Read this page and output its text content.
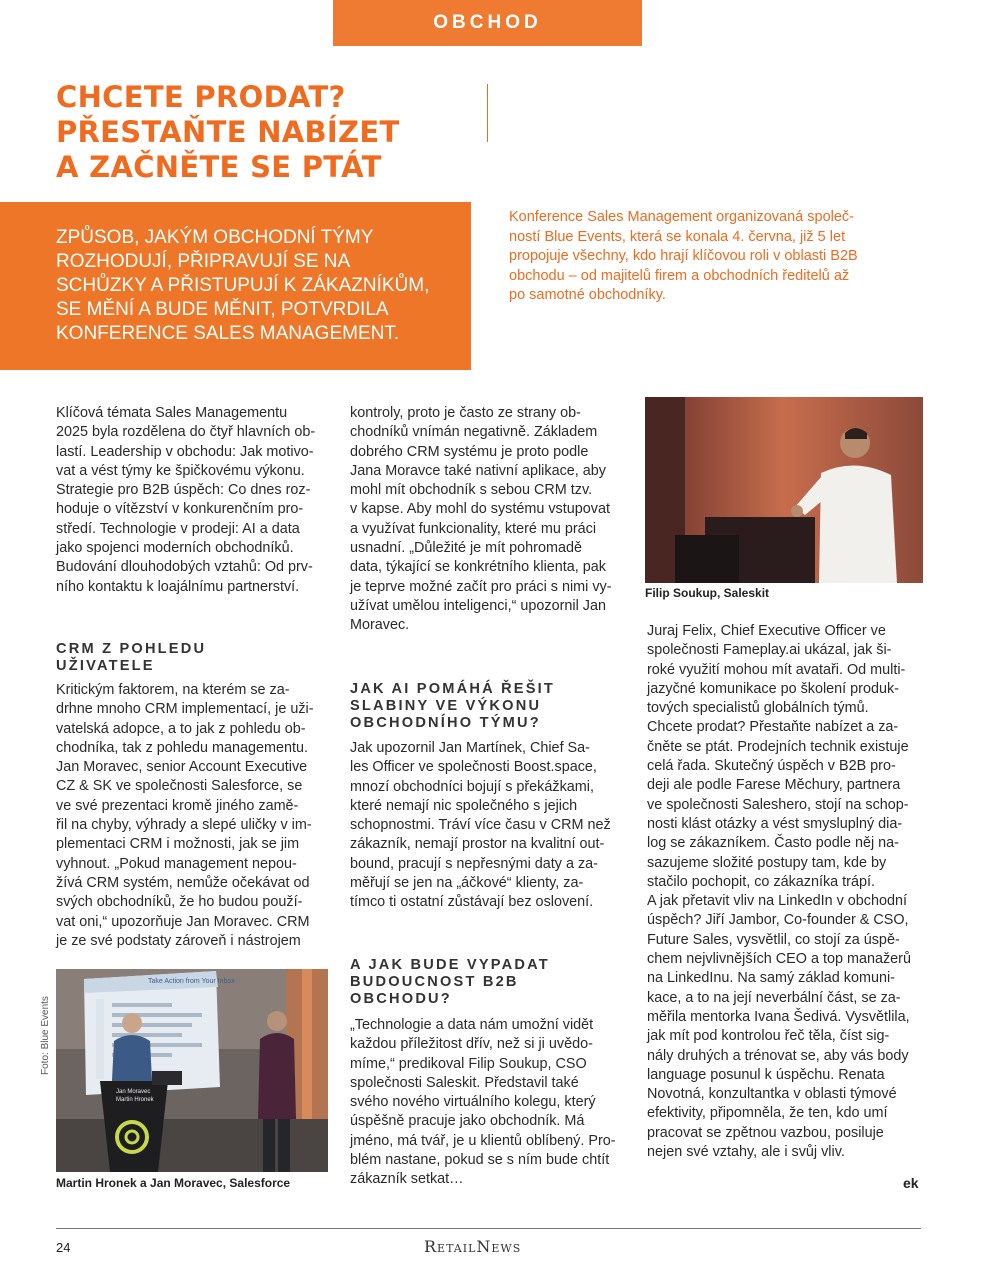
OBCHOD
CHCETE PRODAT?
PŘESTAŇTE NABÍZET
A ZAČNĚTE SE PTÁT
ZPŮSOB, JAKÝM OBCHODNÍ TÝMY
ROZHODUJÍ, PŘIPRAVUJÍ SE NA
SCHŮZKY A PŘISTUPUJÍ K ZÁKAZNÍKŮM,
SE MĚNÍ A BUDE MĚNIT, POTVRDILA
KONFERENCE SALES MANAGEMENT.
Konference Sales Management organizovaná společ-
ností Blue Events, která se konala 4. června, již 5 let
propojuje všechny, kdo hrají klíčovou roli v oblasti B2B
obchodu – od majitelů firem a obchodních ředitelů až
po samotné obchodníky.
Klíčová témata Sales Managementu
2025 byla rozdělena do čtyř hlavních ob-
lastí. Leadership v obchodu: Jak motivo-
vat a vést týmy ke špičkovému výkonu.
Strategie pro B2B úspěch: Co dnes roz-
hoduje o vítězství v konkurenčním pro-
středí. Technologie v prodeji: AI a data
jako spojenci moderních obchodníků.
Budování dlouhodobých vztahů: Od prv-
ního kontaktu k loajálnímu partnerství.
CRM Z POHLEDU
UŽIVATELE
Kritickým faktorem, na kterém se za-
drhne mnoho CRM implementací, je uži-
vatelská adopce, a to jak z pohledu ob-
chodníka, tak z pohledu managementu.
Jan Moravec, senior Account Executive
CZ & SK ve společnosti Salesforce, se
ve své prezentaci kromě jiného zamě-
řil na chyby, výhrady a slepé uličky v im-
plementaci CRM i možnosti, jak se jim
vyhnout. „Pokud management nepou-
žívá CRM systém, nemůže očekávat od
svých obchodníků, že ho budou použí-
vat oni,“ upozorňuje Jan Moravec. CRM
je ze své podstaty zároveň i nástrojem
Take Action from Your Inbox
Jan Moravec
Martin Hronek
Martin Hronek a Jan Moravec, Salesforce
Foto: Blue Events
kontroly, proto je často ze strany ob-
chodníků vnímán negativně. Základem
dobrého CRM systému je proto podle
Jana Moravce také nativní aplikace, aby
mohl mít obchodník s sebou CRM tzv.
v kapse. Aby mohl do systému vstupovat
a využívat funkcionality, které mu práci
usnadní. „Důležité je mít pohromadě
data, týkající se konkrétního klienta, pak
je teprve možné začít pro práci s nimi vy-
užívat umělou inteligenci,“ upozornil Jan
Moravec.
JAK AI POMÁHÁ ŘEŠIT
SLABINY VE VÝKONU
OBCHODNÍHO TÝMU?
Jak upozornil Jan Martínek, Chief Sa-
les Officer ve společnosti Boost.space,
mnozí obchodníci bojují s překážkami,
které nemají nic společného s jejich
schopnostmi. Tráví více času v CRM než
zákazník, nemají prostor na kvalitní out-
bound, pracují s nepřesnými daty a za-
měřují se jen na „áčkové“ klienty, za-
tímco ti ostatní zůstávají bez oslovení.
A JAK BUDE VYPADAT
BUDOUCNOST B2B
OBCHODU?
„Technologie a data nám umožní vidět
každou příležitost dřív, než si ji uvědo-
míme,“ predikoval Filip Soukup, CSO
společnosti Saleskit. Představil také
svého nového virtuálního kolegu, který
úspěšně pracuje jako obchodník. Má
jméno, má tvář, je u klientů oblíbený. Pro-
blém nastane, pokud se s ním bude chtít
zákazník setkat…
Filip Soukup, Saleskit
Juraj Felix, Chief Executive Officer ve
společnosti Fameplay.ai ukázal, jak ši-
roké využití mohou mít avataři. Od multi-
jazyčné komunikace po školení produk-
tových specialistů globálních týmů.
Chcete prodat? Přestaňte nabízet a za-
čněte se ptát. Prodejních technik existuje
celá řada. Skutečný úspěch v B2B pro-
deji ale podle Farese Měchury, partnera
ve společnosti Saleshero, stojí na schop-
nosti klást otázky a vést smysluplný dia-
log se zákazníkem. Často podle něj na-
sazujeme složité postupy tam, kde by
stačilo pochopit, co zákazníka trápí.
A jak přetavit vliv na LinkedIn v obchodní
úspěch? Jiří Jambor, Co-founder & CSO,
Future Sales, vysvětlil, co stojí za úspě-
chem nejvlivnějších CEO a top manažerů
na LinkedInu. Na samý základ komuni-
kace, a to na její neverbální část, se za-
měřila mentorka Ivana Šedivá. Vysvětlila,
jak mít pod kontrolou řeč těla, číst sig-
nály druhých a trénovat se, aby vás body
language posunul k úspěchu. Renata
Novotná, konzultantka v oblasti týmové
efektivity, připomněla, že ten, kdo umí
pracovat se zpětnou vazbou, posiluje
nejen své vztahy, ale i svůj vliv.
ek
24	RetailNews
